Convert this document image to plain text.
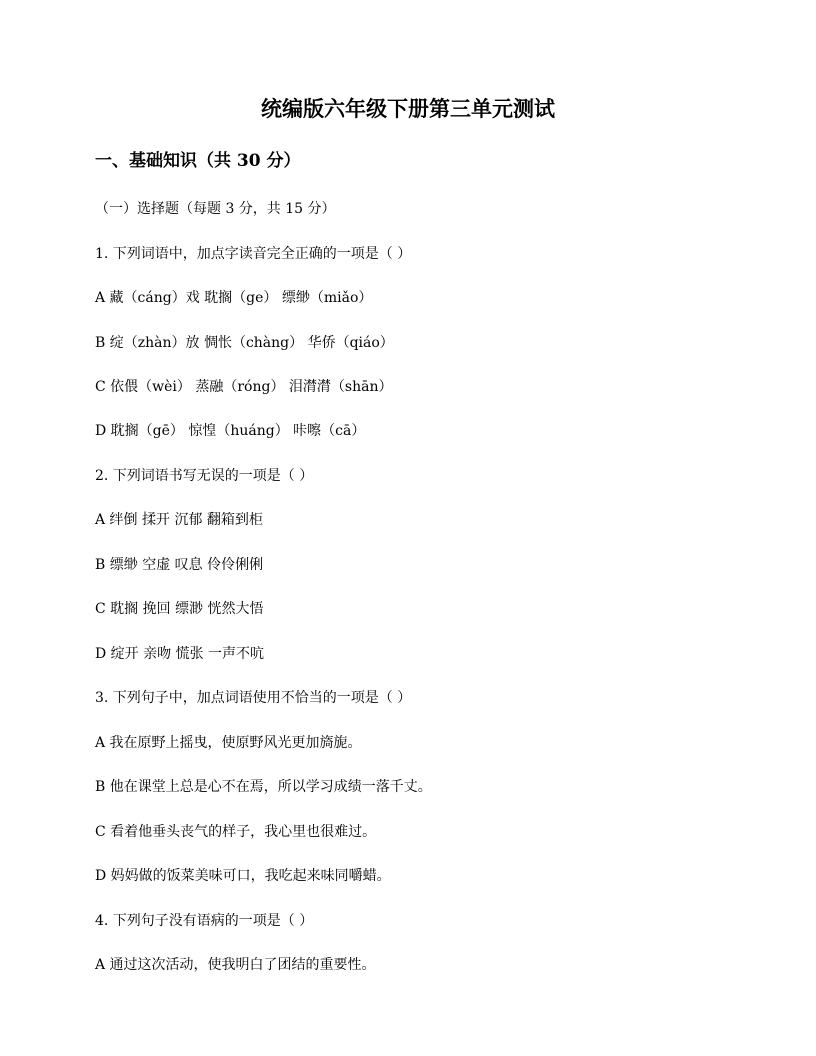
统编版六年级下册第三单元测试
一、基础知识（共 30 分）
（一）选择题（每题 3 分，共 15 分）
1. 下列词语中，加点字读音完全正确的一项是（ ）
A 藏（cáng）戏 耽搁（ge） 缥缈（miǎo）
B 绽（zhàn）放 惆怅（chàng） 华侨（qiáo）
C 依偎（wèi） 蒸融（róng） 泪潸潸（shān）
D 耽搁（gē） 惊惶（huáng） 咔嚓（cā）
2. 下列词语书写无误的一项是（ ）
A 绊倒 揉开 沉郁 翻箱到柜
B 缥缈 空虚 叹息 伶伶俐俐
C 耽搁 挽回 缥渺 恍然大悟
D 绽开 亲吻 慌张 一声不吭
3. 下列句子中，加点词语使用不恰当的一项是（ ）
A 我在原野上摇曳，使原野风光更加旖旎。
B 他在课堂上总是心不在焉，所以学习成绩一落千丈。
C 看着他垂头丧气的样子，我心里也很难过。
D 妈妈做的饭菜美味可口，我吃起来味同嚼蜡。
4. 下列句子没有语病的一项是（ ）
A 通过这次活动，使我明白了团结的重要性。
